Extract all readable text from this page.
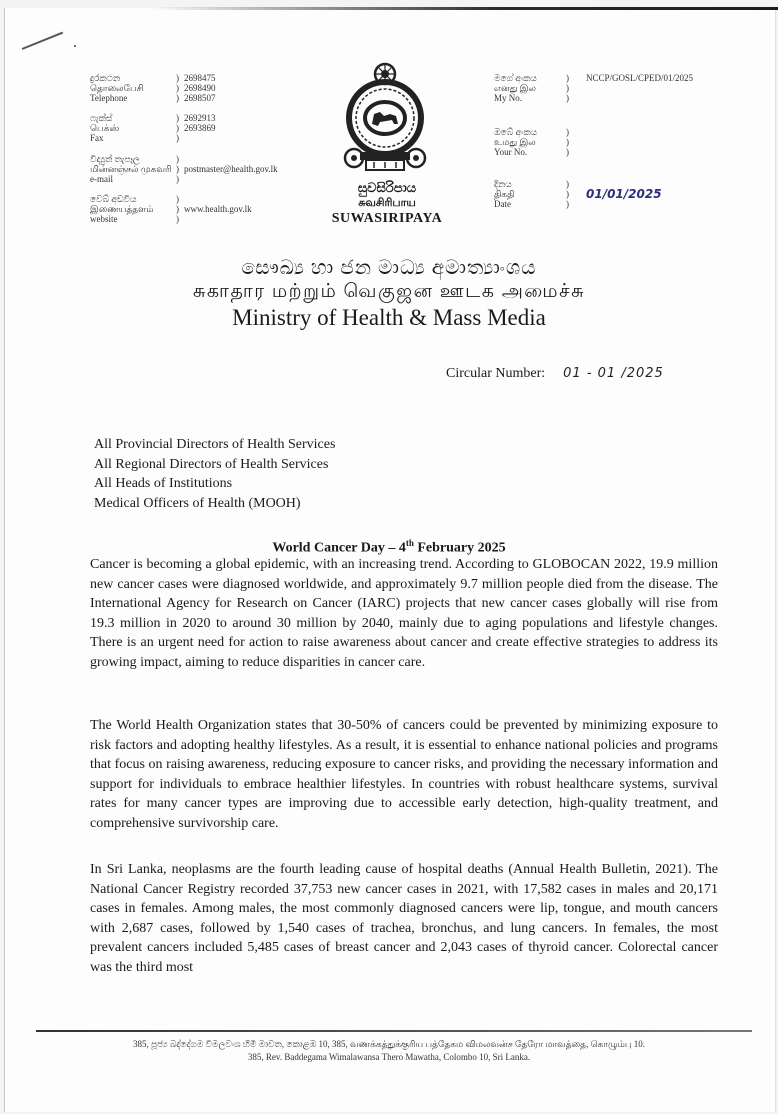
දුරකථන	) 2698475
தொலைபேசி	) 2698490
Telephone	) 2698507
ෆැක්ස්	) 2692913
பெக்ஸ்	) 2693869
Fax	)
විද්‍යුත් තැපෑල	)
மின்னஞ்சல் முகவரி ) postmaster@health.gov.lk
e-mail	)
වෙබ් අඩවිය	)
இணையத்தளம்	) www.health.gov.lk
website	)
සුවසිරිපාය
சுவசிரிபாய
SUWASIRIPAYA
මගේ අංකය	)	NCCP/GOSL/CPED/01/2025
எனது இல	)
My No.	)
ඔබේ අංකය	)
உமது இல	)
Your No.	)
දිනය	)
திகதி	)	01/01/2025
Date	)
සෞඛ්‍ය හා ජන මාධ්‍ය අමාත්‍යාංශය
சுகாதார மற்றும் வெகுஜன ஊடக அமைச்சு
Ministry of Health & Mass Media
Circular Number: 01 - 01 /2025
All Provincial Directors of Health Services
All Regional Directors of Health Services
All Heads of Institutions
Medical Officers of Health (MOOH)
World Cancer Day – 4th February 2025
Cancer is becoming a global epidemic, with an increasing trend. According to GLOBOCAN 2022, 19.9 million new cancer cases were diagnosed worldwide, and approximately 9.7 million people died from the disease. The International Agency for Research on Cancer (IARC) projects that new cancer cases globally will rise from 19.3 million in 2020 to around 30 million by 2040, mainly due to aging populations and lifestyle changes. There is an urgent need for action to raise awareness about cancer and create effective strategies to address its growing impact, aiming to reduce disparities in cancer care.
The World Health Organization states that 30-50% of cancers could be prevented by minimizing exposure to risk factors and adopting healthy lifestyles. As a result, it is essential to enhance national policies and programs that focus on raising awareness, reducing exposure to cancer risks, and providing the necessary information and support for individuals to embrace healthier lifestyles. In countries with robust healthcare systems, survival rates for many cancer types are improving due to accessible early detection, high-quality treatment, and comprehensive survivorship care.
In Sri Lanka, neoplasms are the fourth leading cause of hospital deaths (Annual Health Bulletin, 2021). The National Cancer Registry recorded 37,753 new cancer cases in 2021, with 17,582 cases in males and 20,171 cases in females. Among males, the most commonly diagnosed cancers were lip, tongue, and mouth cancers with 2,687 cases, followed by 1,540 cases of trachea, bronchus, and lung cancers. In females, the most prevalent cancers included 5,485 cases of breast cancer and 2,043 cases of thyroid cancer. Colorectal cancer was the third most
385, පූජ්‍ය බද්දේගම විමලවංශ හිමි මාවත, කොළඹ 10, 385, வணக்கத்துக்குரிய பத்தேகம விமலவன்ச தேரோ மாவத்தை, கொழும்பு 10.
385, Rev. Baddegama Wimalawansa Thero Mawatha, Colombo 10, Sri Lanka.
